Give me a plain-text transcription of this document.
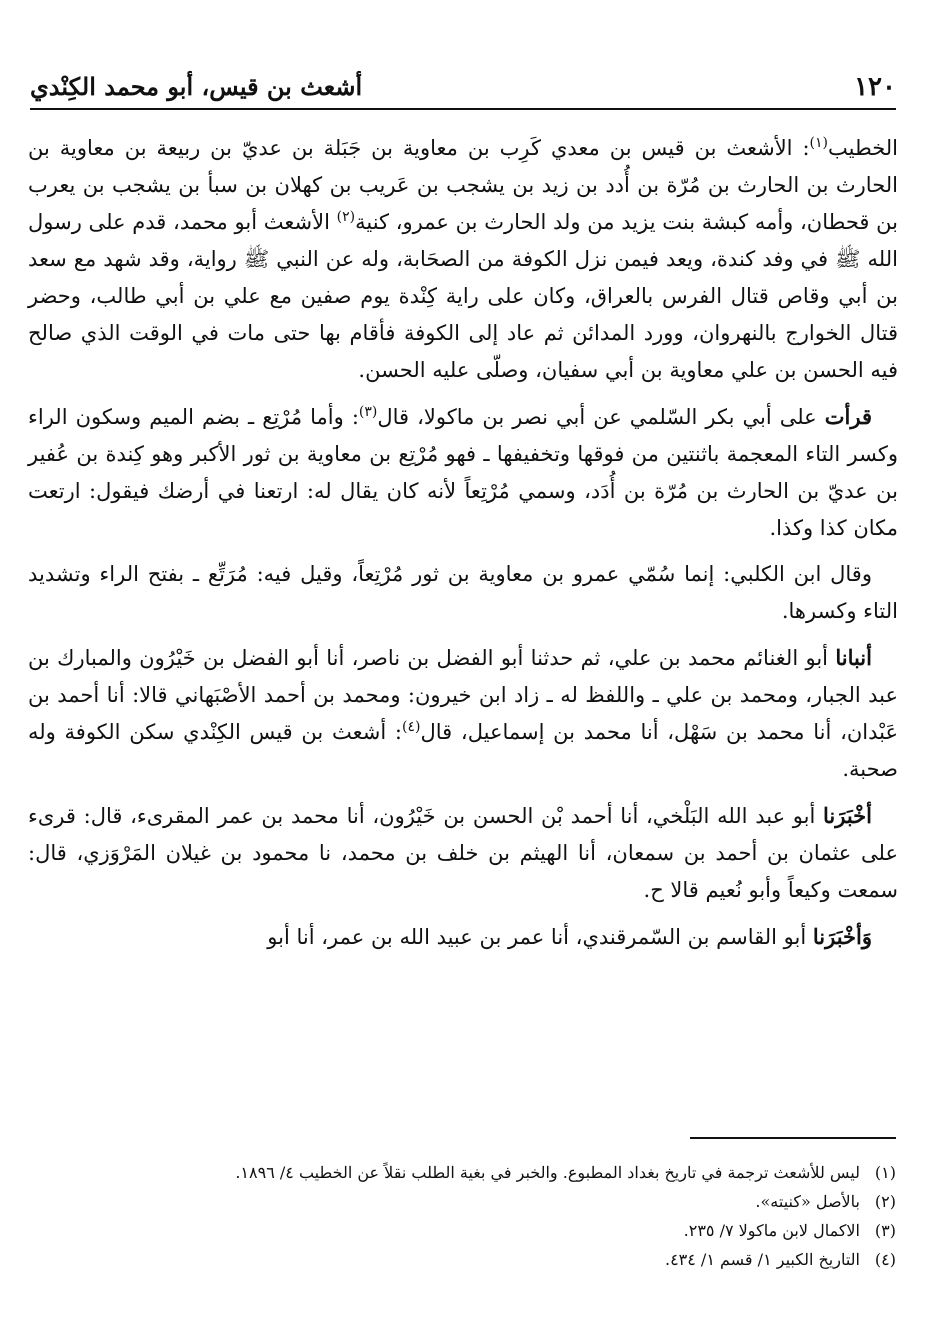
١٢٠
أشعث بن قيس، أبو محمد الكِنْدي

الخطيب$^{(١)}$: الأشعث بن قيس بن معدي كَرِب بن معاوية بن جَبَلة بن عديّ بن ربيعة بن معاوية بن الحارث بن الحارث بن مُرّة بن أُدد بن زيد بن يشجب بن عَريب بن كهلان بن سبأ بن يشجب بن يعرب بن قحطان، وأمه كبشة بنت يزيد من ولد الحارث بن عمرو، كنية$^{(٢)}$ الأشعث أبو محمد، قدم على رسول الله ﷺ في وفد كندة، ويعد فيمن نزل الكوفة من الصحَابة، وله عن النبي ﷺ رواية، وقد شهد مع سعد بن أبي وقاص قتال الفرس بالعراق، وكان على راية كِنْدة يوم صفين مع علي بن أبي طالب، وحضر قتال الخوارج بالنهروان، وورد المدائن ثم عاد إلى الكوفة فأقام بها حتى مات في الوقت الذي صالح فيه الحسن بن علي معاوية بن أبي سفيان، وصلّى عليه الحسن.

قرأت على أبي بكر السّلمي عن أبي نصر بن ماكولا، قال$^{(٣)}$: وأما مُرْتِع ـ بضم الميم وسكون الراء وكسر التاء المعجمة باثنتين من فوقها وتخفيفها ـ فهو مُرْتِع بن معاوية بن ثور الأكبر وهو كِندة بن عُفير بن عديّ بن الحارث بن مُرّة بن أُدَد، وسمي مُرْتِعاً لأنه كان يقال له: ارتعنا في أرضك فيقول: ارتعت مكان كذا وكذا.

وقال ابن الكلبي: إنما سُمّي عمرو بن معاوية بن ثور مُرْتِعاً، وقيل فيه: مُرَتِّع ـ بفتح الراء وتشديد التاء وكسرها.

أنبانا أبو الغنائم محمد بن علي، ثم حدثنا أبو الفضل بن ناصر، أنا أبو الفضل بن خَيْرُون والمبارك بن عبد الجبار، ومحمد بن علي ـ واللفظ له ـ زاد ابن خيرون: ومحمد بن أحمد الأصْبَهاني قالا: أنا أحمد بن عَبْدان، أنا محمد بن سَهْل، أنا محمد بن إسماعيل، قال$^{(٤)}$: أشعث بن قيس الكِنْدي سكن الكوفة وله صحبة.

أخْبَرَنا أبو عبد الله البَلْخي، أنا أحمد بْن الحسن بن خَيْرُون، أنا محمد بن عمر المقرىء، قال: قرىء على عثمان بن أحمد بن سمعان، أنا الهيثم بن خلف بن محمد، نا محمود بن غيلان المَرْوَزي، قال: سمعت وكيعاً وأبو نُعيم قالا ح.

وَأخْبَرَنا أبو القاسم بن السّمرقندي، أنا عمر بن عبيد الله بن عمر، أنا أبو

(١)
ليس للأشعث ترجمة في تاريخ بغداد المطبوع. والخبر في بغية الطلب نقلاً عن الخطيب ٤/ ١٨٩٦.
(٢)
بالأصل «كنيته».
(٣)
الاكمال لابن ماكولا ٧/ ٢٣٥.
(٤)
التاريخ الكبير ١/ قسم ١/ ٤٣٤.
